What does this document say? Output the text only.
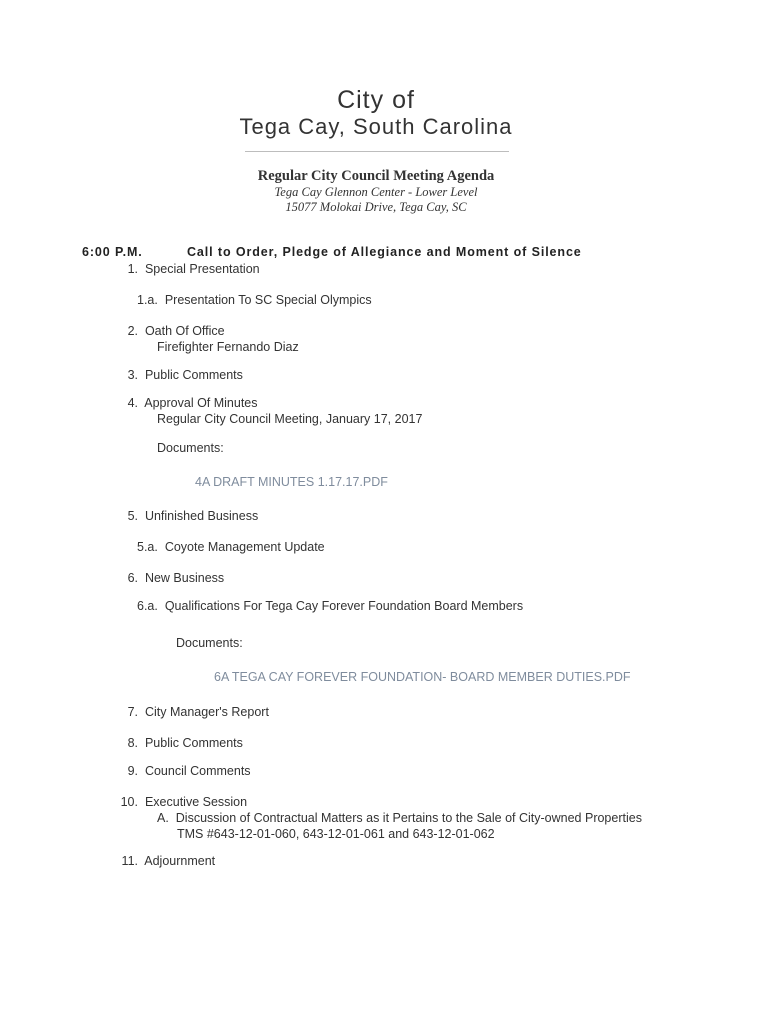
City of
Tega Cay, South Carolina
Regular City Council Meeting Agenda
Tega Cay Glennon Center - Lower Level
15077 Molokai Drive, Tega Cay, SC
6:00 P.M.	Call to Order, Pledge of Allegiance and Moment of Silence
1. Special Presentation
1.a. Presentation To SC Special Olympics
2. Oath Of Office
Firefighter Fernando Diaz
3. Public Comments
4. Approval Of Minutes
Regular City Council Meeting, January 17, 2017
Documents:
4A DRAFT MINUTES 1.17.17.PDF
5. Unfinished Business
5.a. Coyote Management Update
6. New Business
6.a. Qualifications For Tega Cay Forever Foundation Board Members
Documents:
6A TEGA CAY FOREVER FOUNDATION- BOARD MEMBER DUTIES.PDF
7. City Manager's Report
8. Public Comments
9. Council Comments
10. Executive Session
A. Discussion of Contractual Matters as it Pertains to the Sale of City-owned Properties
TMS #643-12-01-060, 643-12-01-061 and 643-12-01-062
11. Adjournment
